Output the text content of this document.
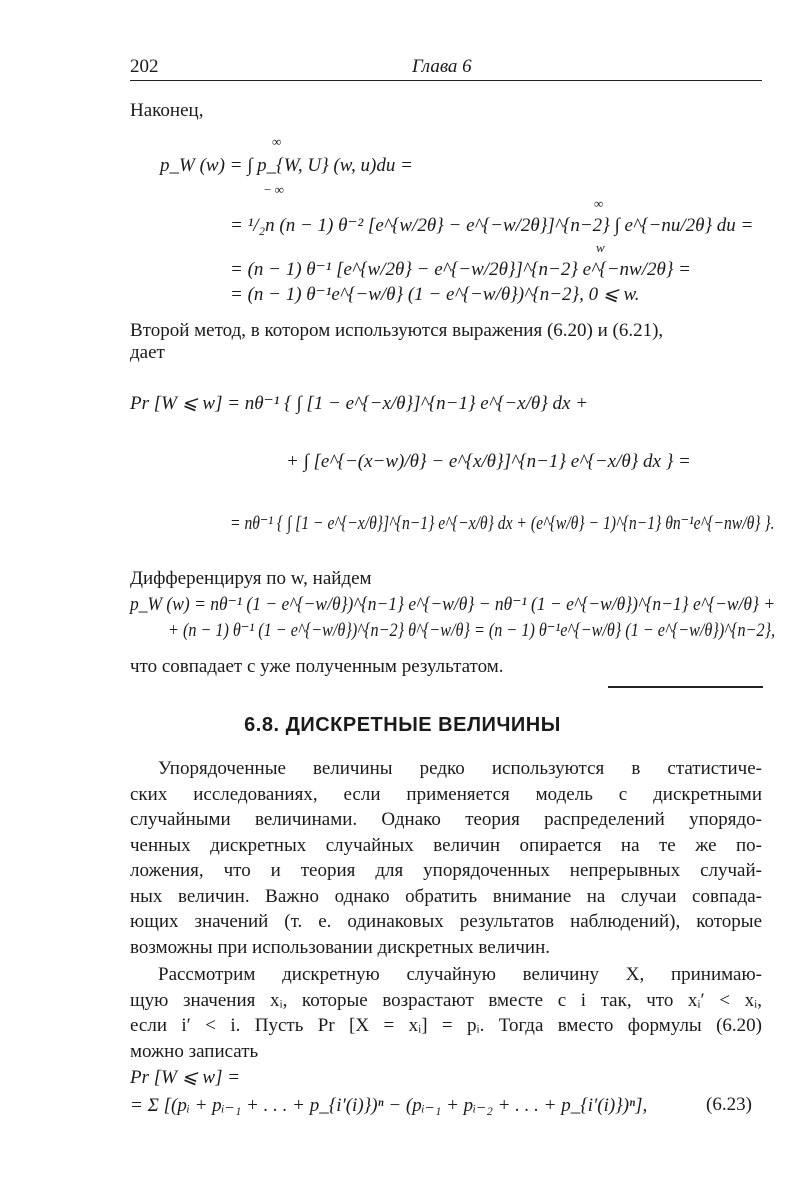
202	Глава 6
Наконец,
∞
− ∞
p_W (w) = ∫ p_{W, U} (w, u)du =
∞
w
= ¹/₂n (n − 1) θ⁻² [e^{w/2θ} − e^{−w/2θ}]^{n−2} ∫ e^{−nu/2θ} du =
= (n − 1) θ⁻¹ [e^{w/2θ} − e^{−w/2θ}]^{n−2} e^{−nw/2θ} =
= (n − 1) θ⁻¹e^{−w/θ} (1 − e^{−w/θ})^{n−2}, 0 ⩽ w.
Второй метод, в котором используются выражения (6.20) и (6.21),
дает
Pr [W ⩽ w] = nθ⁻¹ { ∫ [1 − e^{−x/θ}]^{n−1} e^{−x/θ} dx +
+ ∫ [e^{−(x−w)/θ} − e^{x/θ}]^{n−1} e^{−x/θ} dx } =
= nθ⁻¹ { ∫ [1 − e^{−x/θ}]^{n−1} e^{−x/θ} dx + (e^{w/θ} − 1)^{n−1} θn⁻¹e^{−nw/θ} }.
Дифференцируя по w, найдем
p_W (w) = nθ⁻¹ (1 − e^{−w/θ})^{n−1} e^{−w/θ} − nθ⁻¹ (1 − e^{−w/θ})^{n−1} e^{−w/θ} +
+ (n − 1) θ⁻¹ (1 − e^{−w/θ})^{n−2} θ^{−w/θ} = (n − 1) θ⁻¹e^{−w/θ} (1 − e^{−w/θ})^{n−2},
что совпадает с уже полученным результатом.
6.8. ДИСКРЕТНЫЕ ВЕЛИЧИНЫ
Упорядоченные величины редко используются в статистиче-
ских исследованиях, если применяется модель с дискретными
случайными величинами. Однако теория распределений упорядо-
ченных дискретных случайных величин опирается на те же по-
ложения, что и теория для упорядоченных непрерывных случай-
ных величин. Важно однако обратить внимание на случаи совпада-
ющих значений (т. е. одинаковых результатов наблюдений), которые
возможны при использовании дискретных величин.
Рассмотрим дискретную случайную величину X, принимаю-
щую значения xᵢ, которые возрастают вместе с i так, что xᵢ′ < xᵢ,
если i′ < i. Пусть Pr [X = xᵢ] = pᵢ. Тогда вместо формулы (6.20)
можно записать
Pr [W ⩽ w] =
= Σ [(pᵢ + pᵢ₋₁ + . . . + p_{i′(i)})ⁿ − (pᵢ₋₁ + pᵢ₋₂ + . . . + p_{i′(i)})ⁿ],	(6.23)
